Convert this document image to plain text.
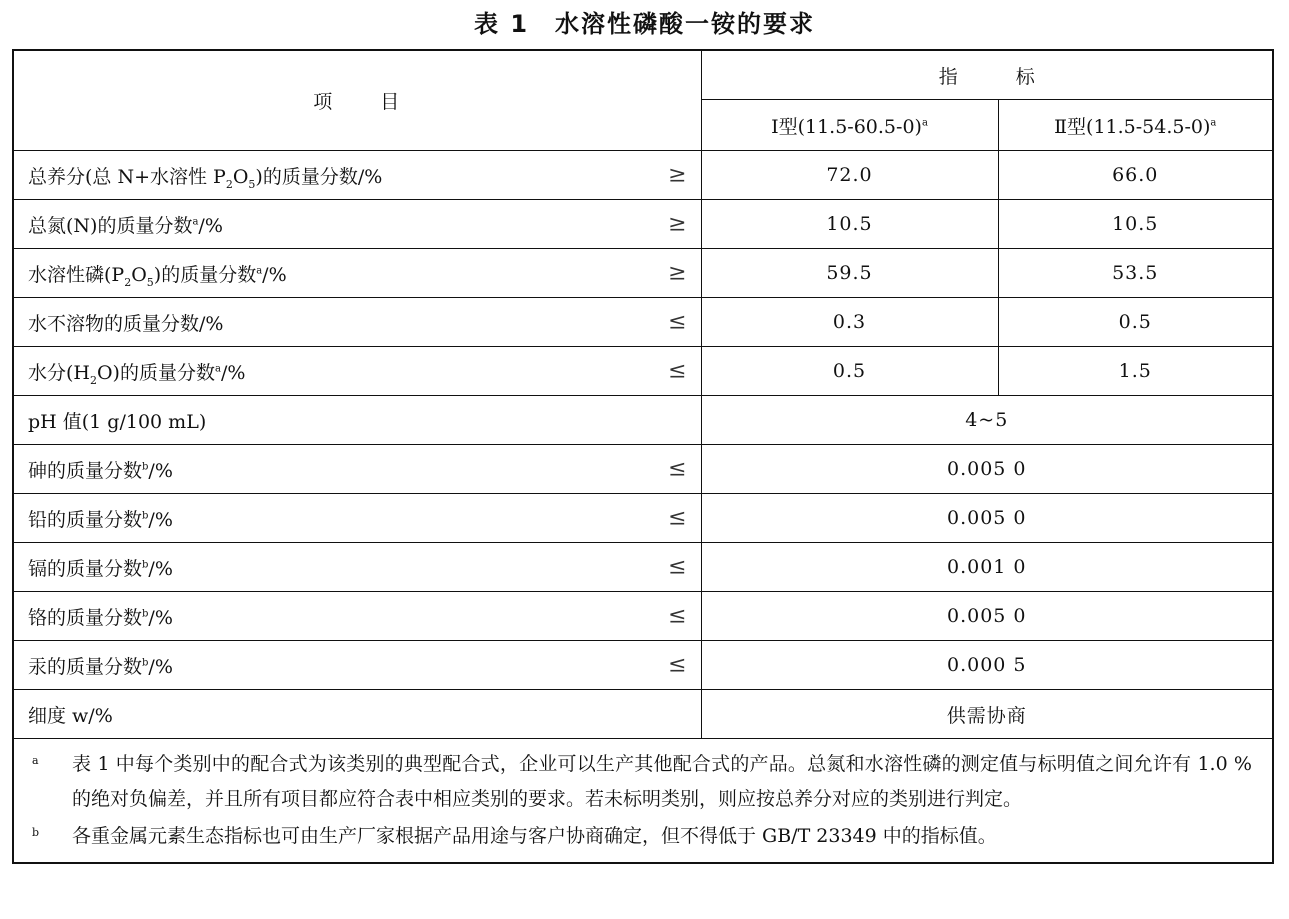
表 1 水溶性磷酸一铵的要求
项 目	指 标	
	Ⅰ型$(11.5-60.5-0)^a$	Ⅱ型$(11.5-54.5-0)^a$
总养分(总 N+水溶性 $P_2O_5$)的质量分数/% ≥	72.0	66.0
总氮(N)的质量分数$^a$/% ≥	10.5	10.5
水溶性磷$(P_2O_5)$的质量分数$^a$/% ≥	59.5	53.5
水不溶物的质量分数/% ≤	0.3	0.5
水分$(H_2O)$的质量分数$^a$/% ≤	0.5	1.5
pH 值(1 g/100 mL)	4~5	
砷的质量分数$^b$/% ≤	0.005 0	
铅的质量分数$^b$/% ≤	0.005 0	
镉的质量分数$^b$/% ≤	0.001 0	
铬的质量分数$^b$/% ≤	0.005 0	
汞的质量分数$^b$/% ≤	0.000 5	
细度 w/%	供需协商	

a 表 1 中每个类别中的配合式为该类别的典型配合式，企业可以生产其他配合式的产品。总氮和水溶性磷的测定值与标明值之间允许有 1.0 %的绝对负偏差，并且所有项目都应符合表中相应类别的要求。若未标明类别，则应按总养分对应的类别进行判定。
b 各重金属元素生态指标也可由生产厂家根据产品用途与客户协商确定，但不得低于 GB/T 23349 中的指标值。		
